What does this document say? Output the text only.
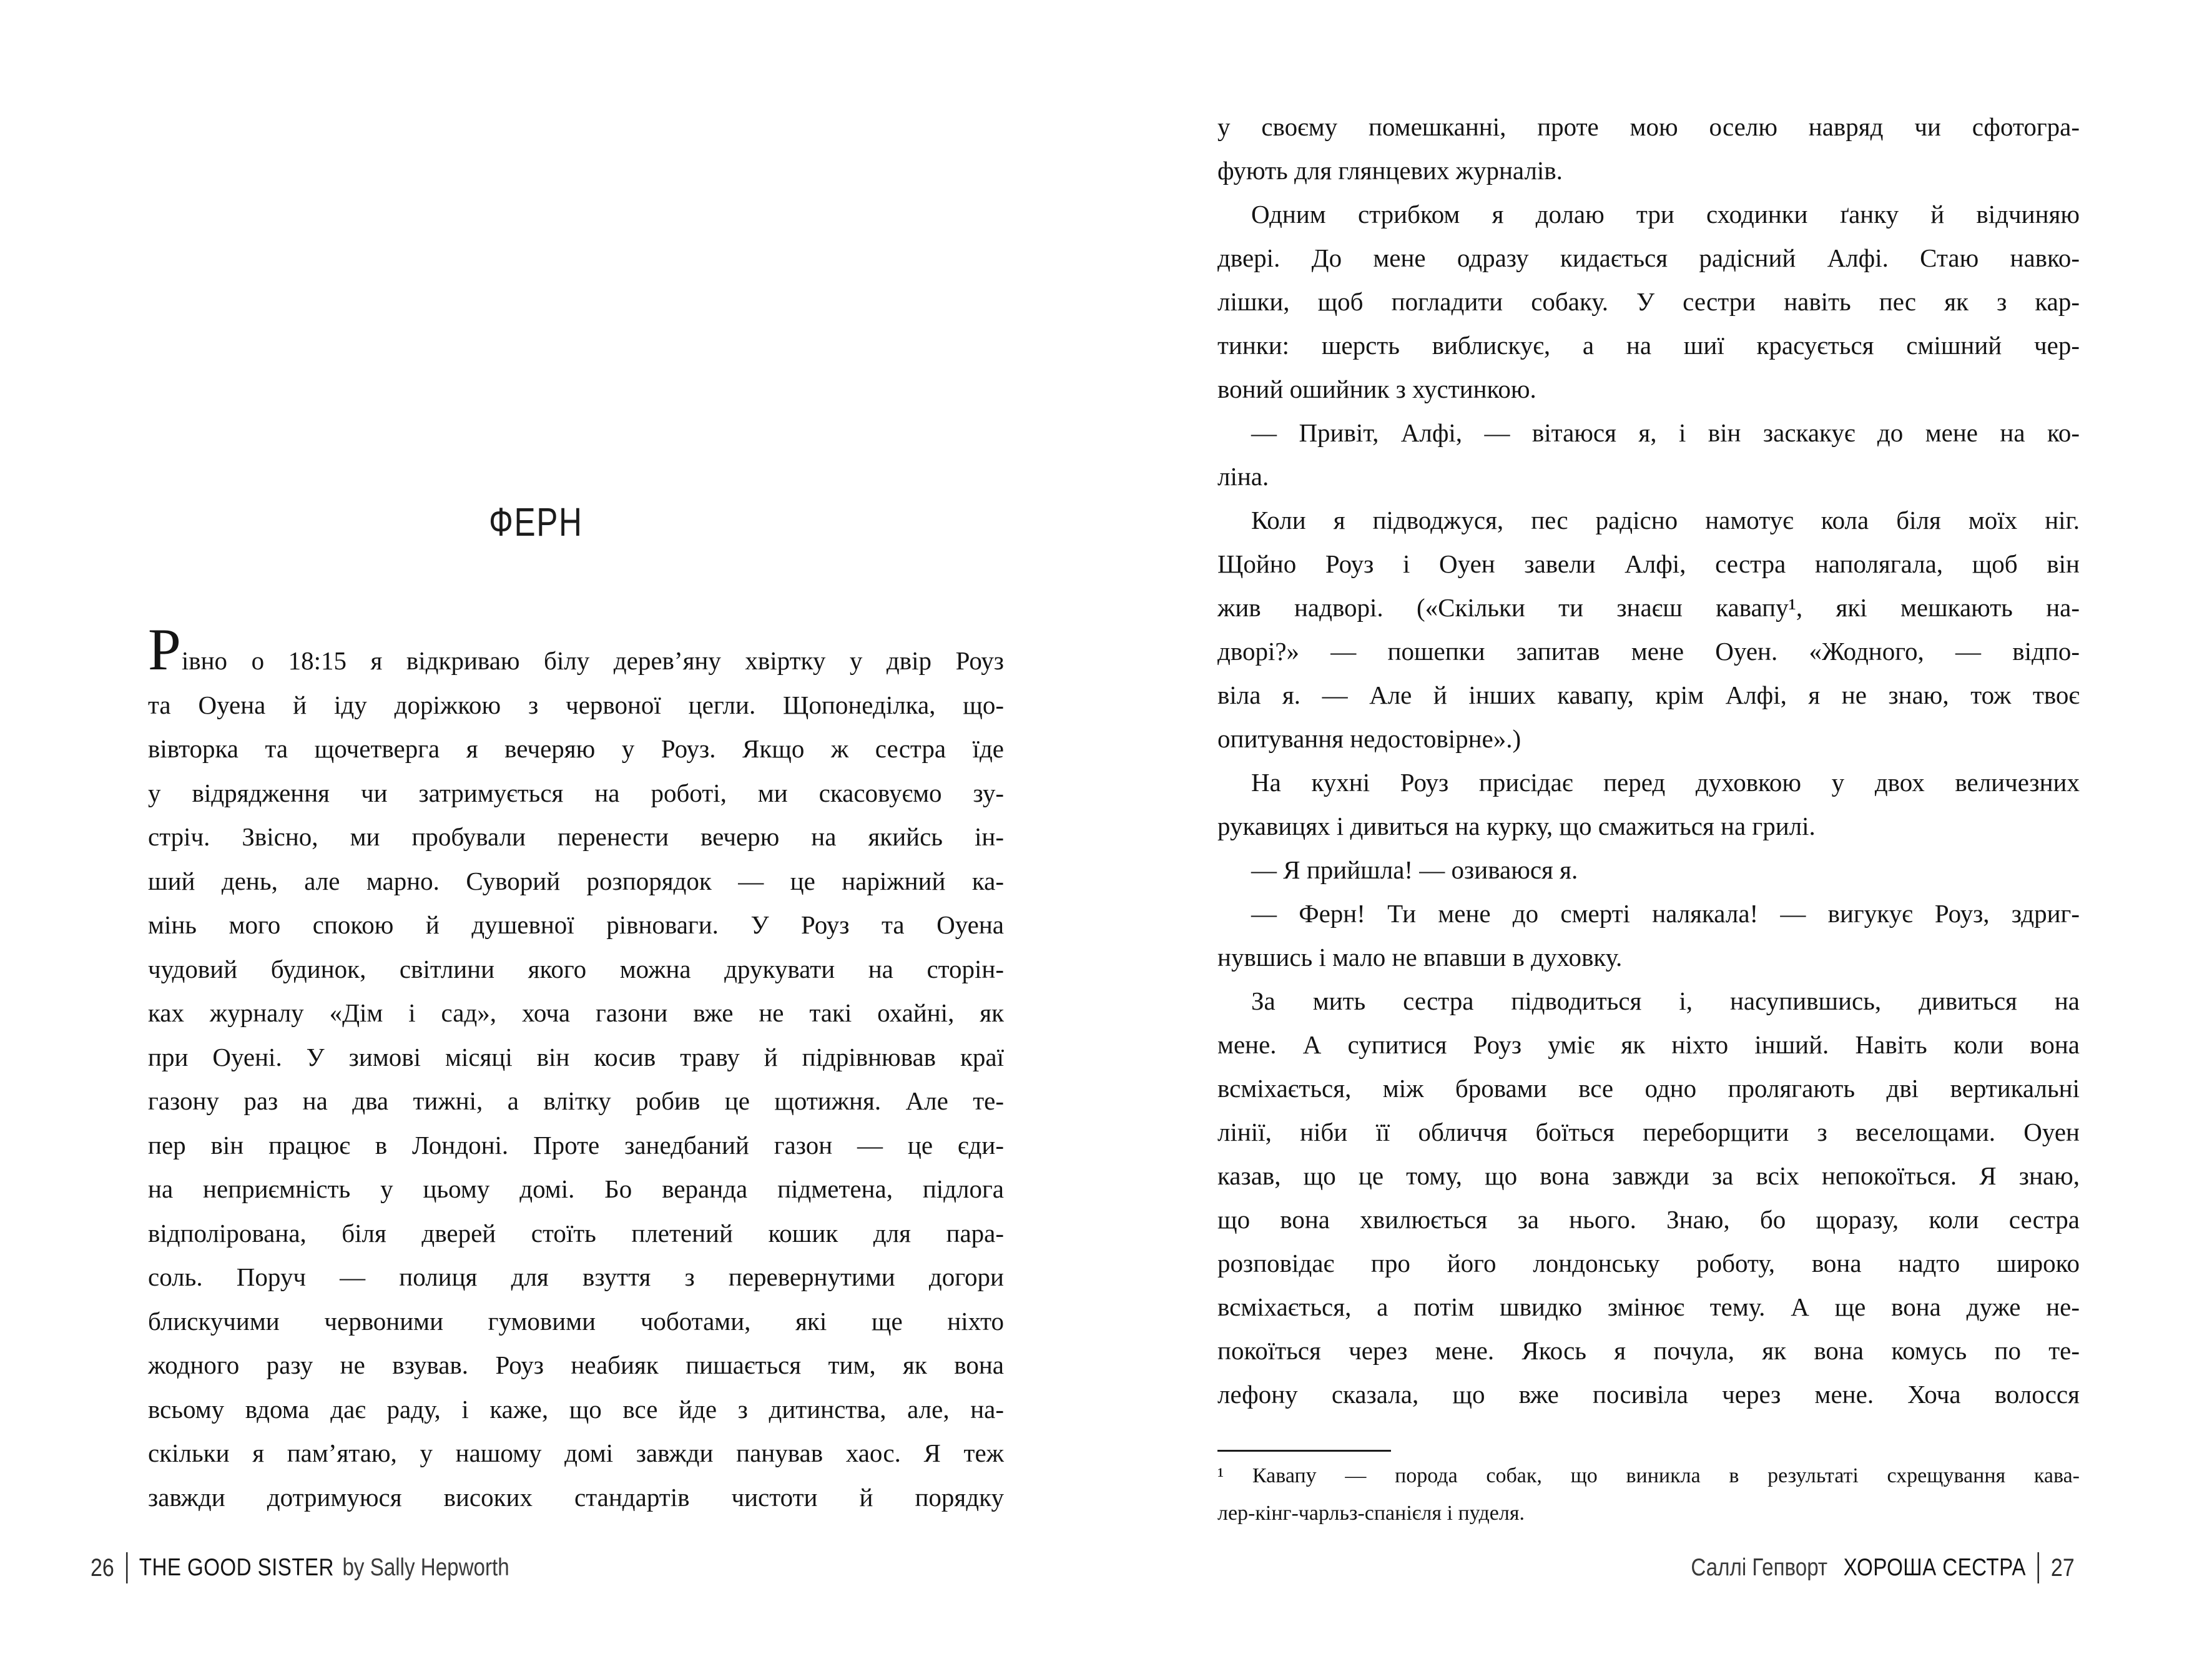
ФЕРН
Рівно о 18:15 я відкриваю білу дерев’яну хвіртку у двір Роуз
та Оуена й іду доріжкою з червоної цегли. Щопонеділка, що-
вівторка та щочетверга я вечеряю у Роуз. Якщо ж сестра їде
у відрядження чи затримується на роботі, ми скасовуємо зу-
стріч. Звісно, ми пробували перенести вечерю на якийсь ін-
ший день, але марно. Суворий розпорядок — це наріжний ка-
мінь мого спокою й душевної рівноваги. У Роуз та Оуена
чудовий будинок, світлини якого можна друкувати на сторін-
ках журналу «Дім і сад», хоча газони вже не такі охайні, як
при Оуені. У зимові місяці він косив траву й підрівнював краї
газону раз на два тижні, а влітку робив це щотижня. Але те-
пер він працює в Лондоні. Проте занедбаний газон — це єди-
на неприємність у цьому домі. Бо веранда підметена, підлога
відполірована, біля дверей стоїть плетений кошик для пара-
соль. Поруч — полиця для взуття з перевернутими догори
блискучими червоними гумовими чоботами, які ще ніхто
жодного разу не взував. Роуз неабияк пишається тим, як вона
всьому вдома дає раду, і каже, що все йде з дитинства, але, на-
скільки я пам’ятаю, у нашому домі завжди панував хаос. Я теж
завжди дотримуюся високих стандартів чистоти й порядку
26 THE GOOD SISTER by Sally Hepworth
у своєму помешканні, проте мою оселю навряд чи сфотогра-
фують для глянцевих журналів.
Одним стрибком я долаю три сходинки ґанку й відчиняю
двері. До мене одразу кидається радісний Алфі. Стаю навко-
лішки, щоб погладити собаку. У сестри навіть пес як з кар-
тинки: шерсть виблискує, а на шиї красується смішний чер-
воний ошийник з хустинкою.
— Привіт, Алфі, — вітаюся я, і він заскакує до мене на ко-
ліна.
Коли я підводжуся, пес радісно намотує кола біля моїх ніг.
Щойно Роуз і Оуен завели Алфі, сестра наполягала, щоб він
жив надворі. («Скільки ти знаєш кавапу¹, які мешкають на-
дворі?» — пошепки запитав мене Оуен. «Жодного, — відпо-
віла я. — Але й інших кавапу, крім Алфі, я не знаю, тож твоє
опитування недостовірне».)
На кухні Роуз присідає перед духовкою у двох величезних
рукавицях і дивиться на курку, що смажиться на грилі.
— Я прийшла! — озиваюся я.
— Ферн! Ти мене до смерті налякала! — вигукує Роуз, здриг-
нувшись і мало не впавши в духовку.
За мить сестра підводиться і, насупившись, дивиться на
мене. А супитися Роуз уміє як ніхто інший. Навіть коли вона
всміхається, між бровами все одно пролягають дві вертикальні
лінії, ніби її обличчя боїться переборщити з веселощами. Оуен
казав, що це тому, що вона завжди за всіх непокоїться. Я знаю,
що вона хвилюється за нього. Знаю, бо щоразу, коли сестра
розповідає про його лондонську роботу, вона надто широко
всміхається, а потім швидко змінює тему. А ще вона дуже не-
покоїться через мене. Якось я почула, як вона комусь по те-
лефону сказала, що вже посивіла через мене. Хоча волосся
¹ Кавапу — порода собак, що виникла в результаті схрещування кава-
лер-кінг-чарльз-спанієля і пуделя.
Саллі Гепворт ХОРОША СЕСТРА 27
